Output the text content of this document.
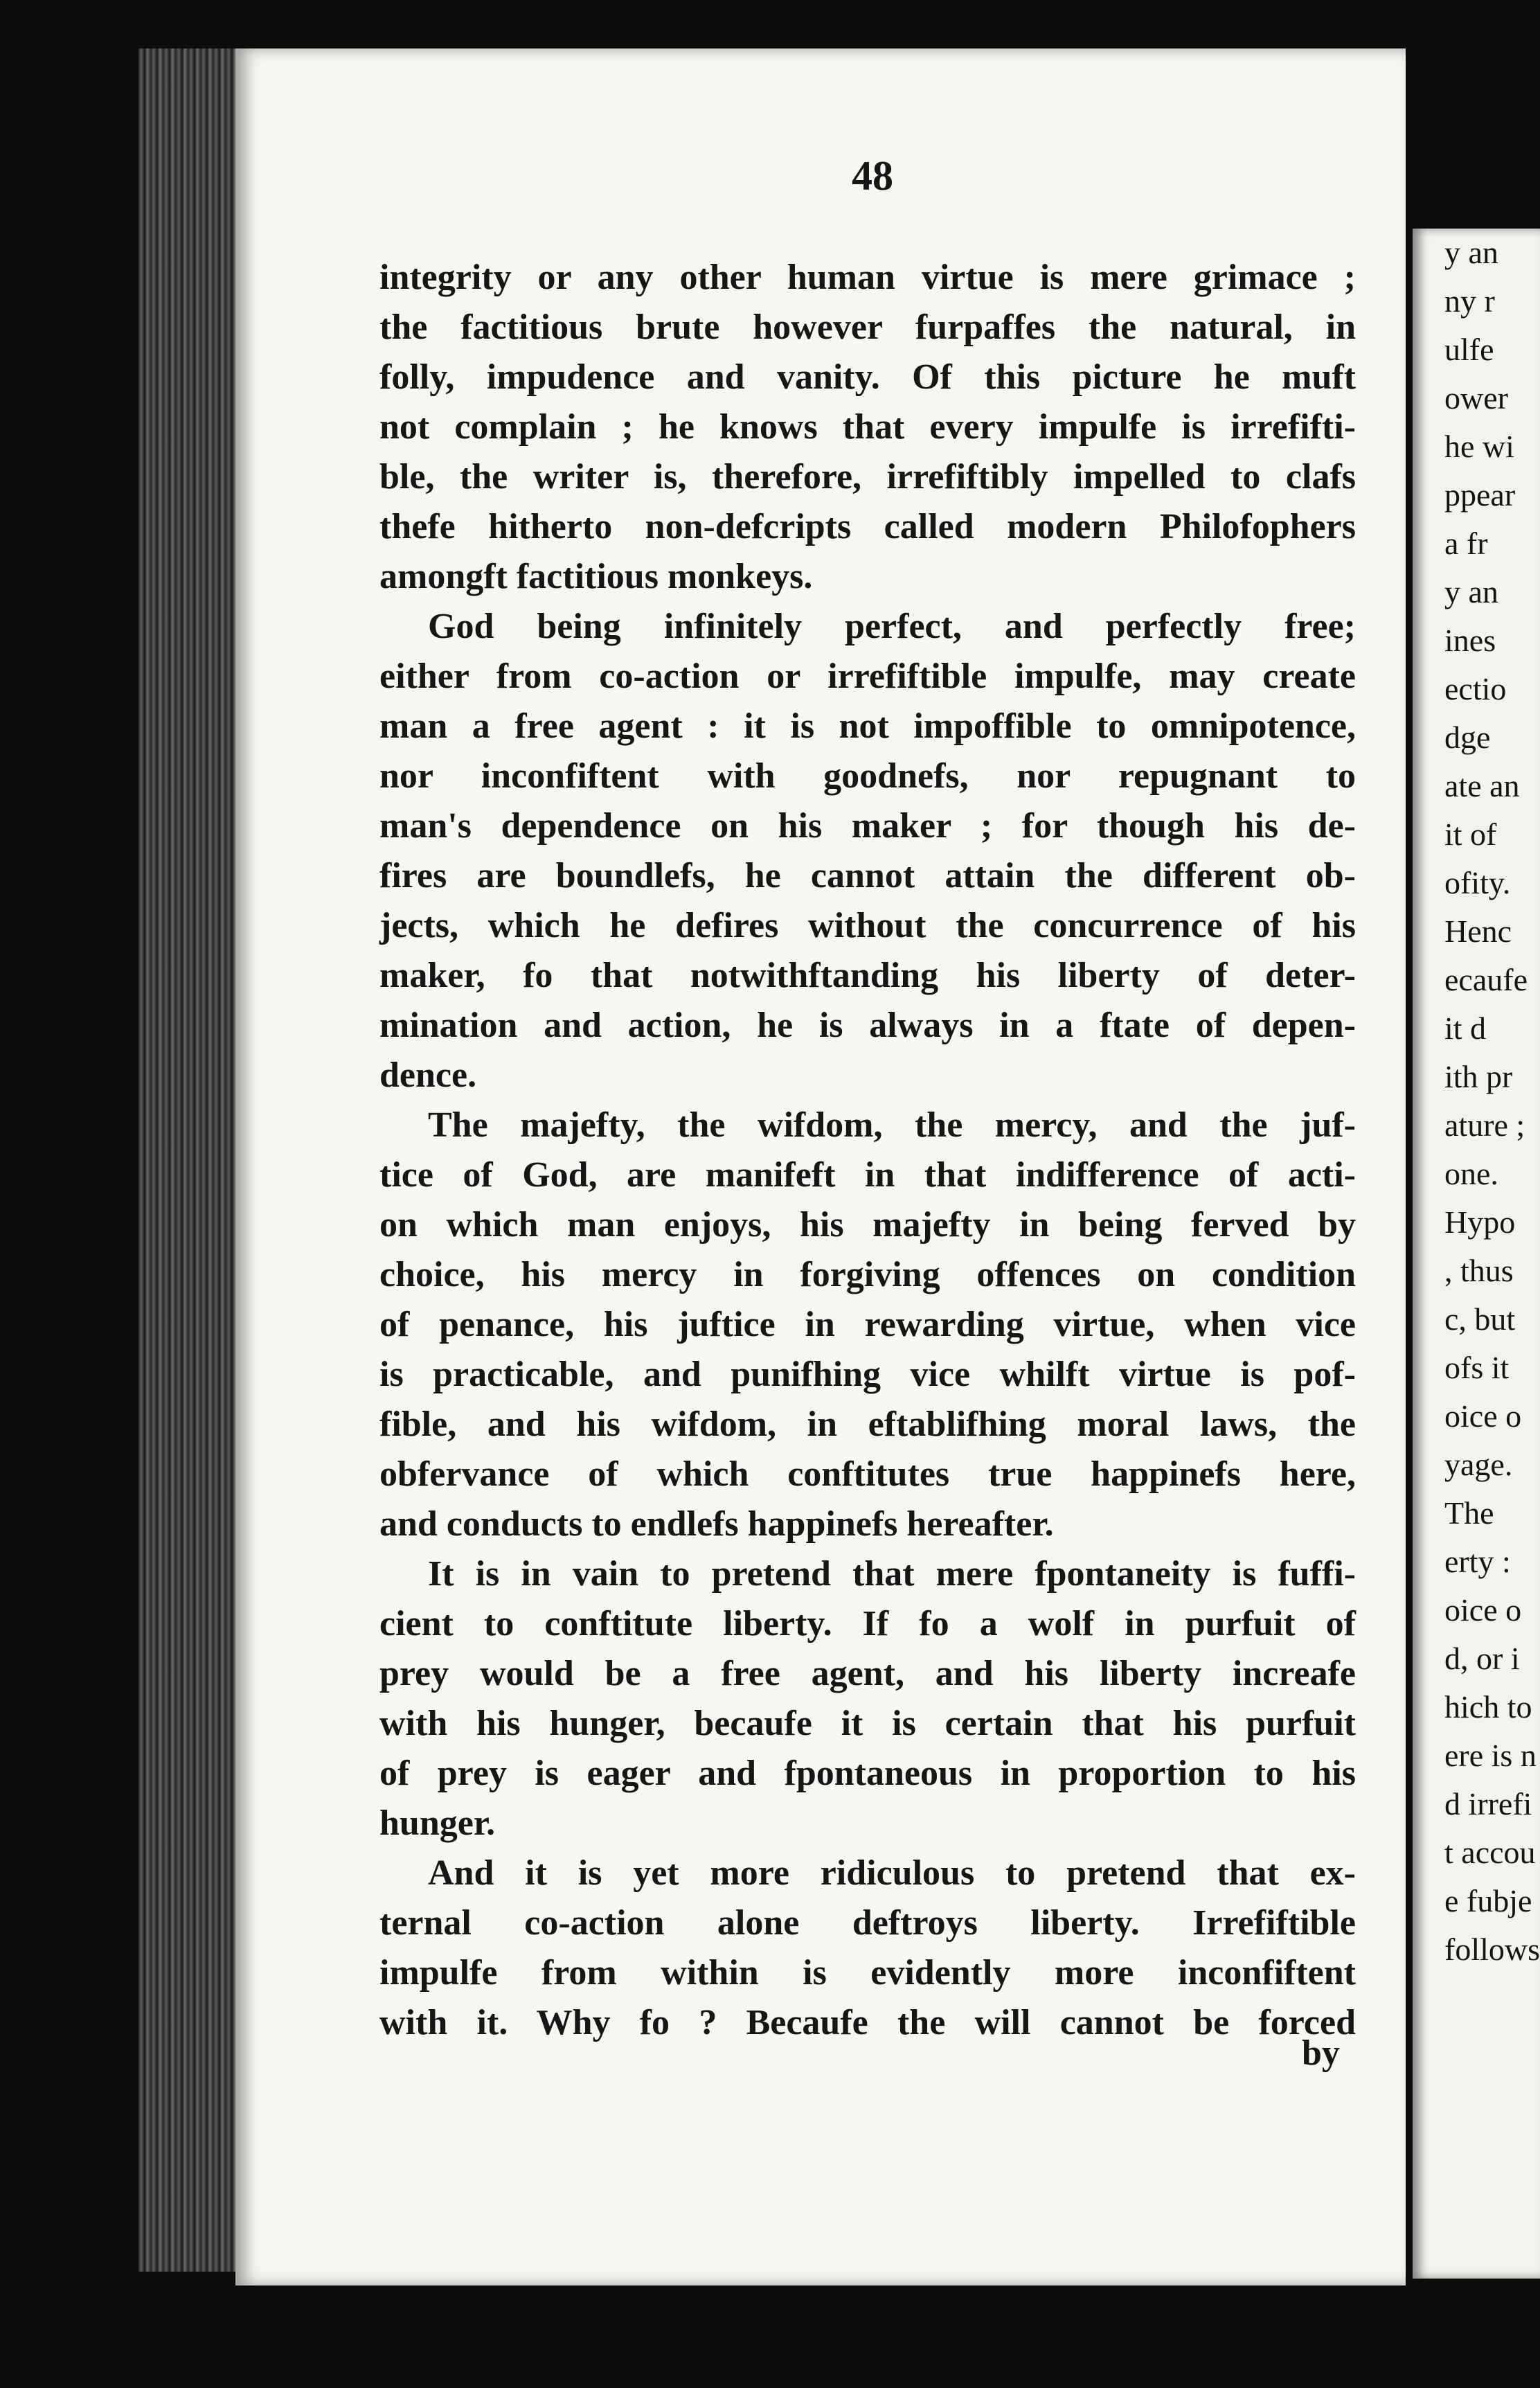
y an
ny r
ulfe
ower
he wi
ppear
a fr
y an
ines
ectio
dge
ate an
it of
ofity.
Henc
ecaufe
it d
ith pr
ature ;
one.
Hypo
, thus
c, but
ofs it
oice o
yage.
The
erty :
oice o
d, or i
hich to
ere is n
d irrefi
t accou
e fubje
follows
48
integrity or any other human virtue is mere grimace ;
the factitious brute however furpaffes the natural, in
folly, impudence and vanity. Of this picture he muft
not complain ; he knows that every impulfe is irrefifti-
ble, the writer is, therefore, irrefiftibly impelled to clafs
thefe hitherto non-defcripts called modern Philofophers
amongft factitious monkeys.
God being infinitely perfect, and perfectly free;
either from co-action or irrefiftible impulfe, may create
man a free agent : it is not impoffible to omnipotence,
nor inconfiftent with goodnefs, nor repugnant to
man's dependence on his maker ; for though his de-
fires are boundlefs, he cannot attain the different ob-
jects, which he defires without the concurrence of his
maker, fo that notwithftanding his liberty of deter-
mination and action, he is always in a ftate of depen-
dence.
The majefty, the wifdom, the mercy, and the juf-
tice of God, are manifeft in that indifference of acti-
on which man enjoys, his majefty in being ferved by
choice, his mercy in forgiving offences on condition
of penance, his juftice in rewarding virtue, when vice
is practicable, and punifhing vice whilft virtue is pof-
fible, and his wifdom, in eftablifhing moral laws, the
obfervance of which conftitutes true happinefs here,
and conducts to endlefs happinefs hereafter.
It is in vain to pretend that mere fpontaneity is fuffi-
cient to conftitute liberty. If fo a wolf in purfuit of
prey would be a free agent, and his liberty increafe
with his hunger, becaufe it is certain that his purfuit
of prey is eager and fpontaneous in proportion to his
hunger.
And it is yet more ridiculous to pretend that ex-
ternal co-action alone deftroys liberty. Irrefiftible
impulfe from within is evidently more inconfiftent
with it. Why fo ? Becaufe the will cannot be forced
by
